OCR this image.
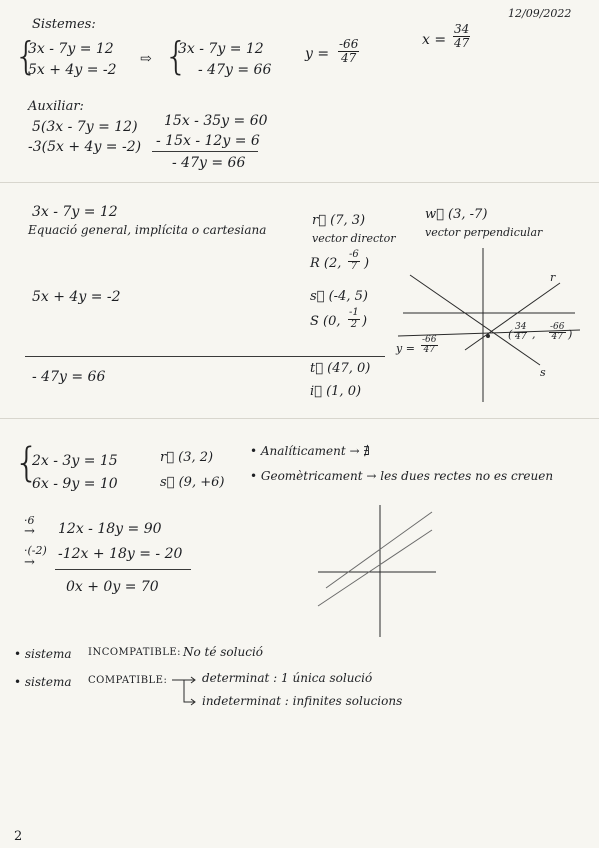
12/09/2022
Sistemes:
{
3x - 7y = 12
5x + 4y = -2
⇨ {
3x - 7y = 12
- 47y = 66
$y = \frac{-66}{47}$	$x = \frac{34}{47}$
Auxiliar:
5(3x - 7y = 12)
-3(5x + 4y = -2)
15x - 35y = 60
- 15x - 12y = 6
- 47y = 66
3x - 7y = 12
Equació general, implícita o cartesiana
r⃗ (7, 3)
vector director
w⃗ (3, -7)
vector perpendicular
R (2, $\frac{-6}{7}$ )
5x + 4y = -2	s⃗ (-4, 5)
S (0, $\frac{-1}{2}$ )
- 47y = 66
t⃗ (47, 0)
i⃗ (1, 0)
r
s
$y = \frac{-66}{47}$
( $\frac{34}{47}$ , $\frac{-66}{47}$ )
{
2x - 3y = 15
6x - 9y = 10
r⃗ (3, 2)
s⃗ (9, +6)
• Analíticament → ∄
• Geomètricament → les dues rectes no es creuen
·6
→ 12x - 18y = 90
·(-2)
→
-12x + 18y = - 20
0x + 0y = 70
• sistema INCOMPATIBLE: No té solució
• sistema COMPATIBLE:	determinat : 1 única solució
indeterminat : infinites solucions
2
